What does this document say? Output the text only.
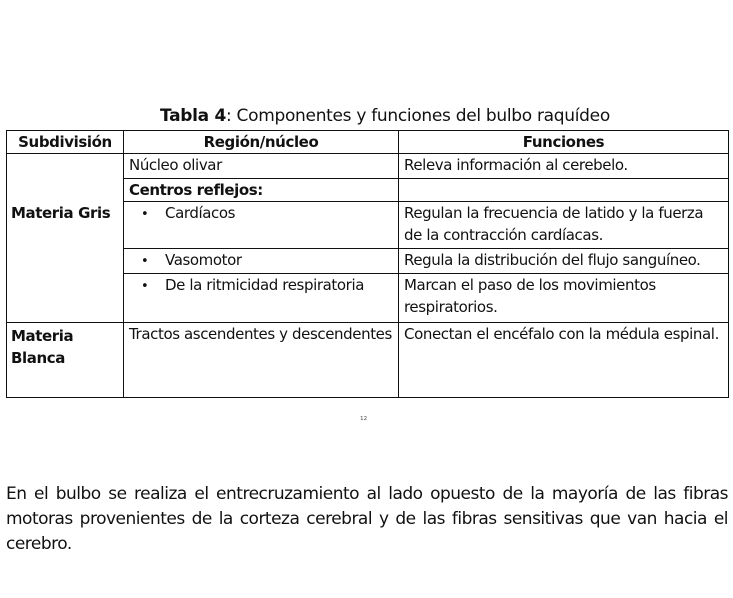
Tabla 4: Componentes y funciones del bulbo raquídeo
Subdivisión	Región/núcleo	Funciones
Materia Gris	Núcleo olivar	Releva información al cerebelo.
	Centros reflejos:	
	• Cardíacos	Regulan la frecuencia de latido y la fuerza de la contracción cardíacas.
	• Vasomotor	Regula la distribución del flujo sanguíneo.
	• De la ritmicidad respiratoria	Marcan el paso de los movimientos respiratorios.
Materia
Blanca	Tractos ascendentes y descendentes	Conectan el encéfalo con la médula espinal.
¹²
En el bulbo se realiza el entrecruzamiento al lado opuesto de la mayoría de las fibras motoras provenientes de la corteza cerebral y de las fibras sensitivas que van hacia el cerebro.
